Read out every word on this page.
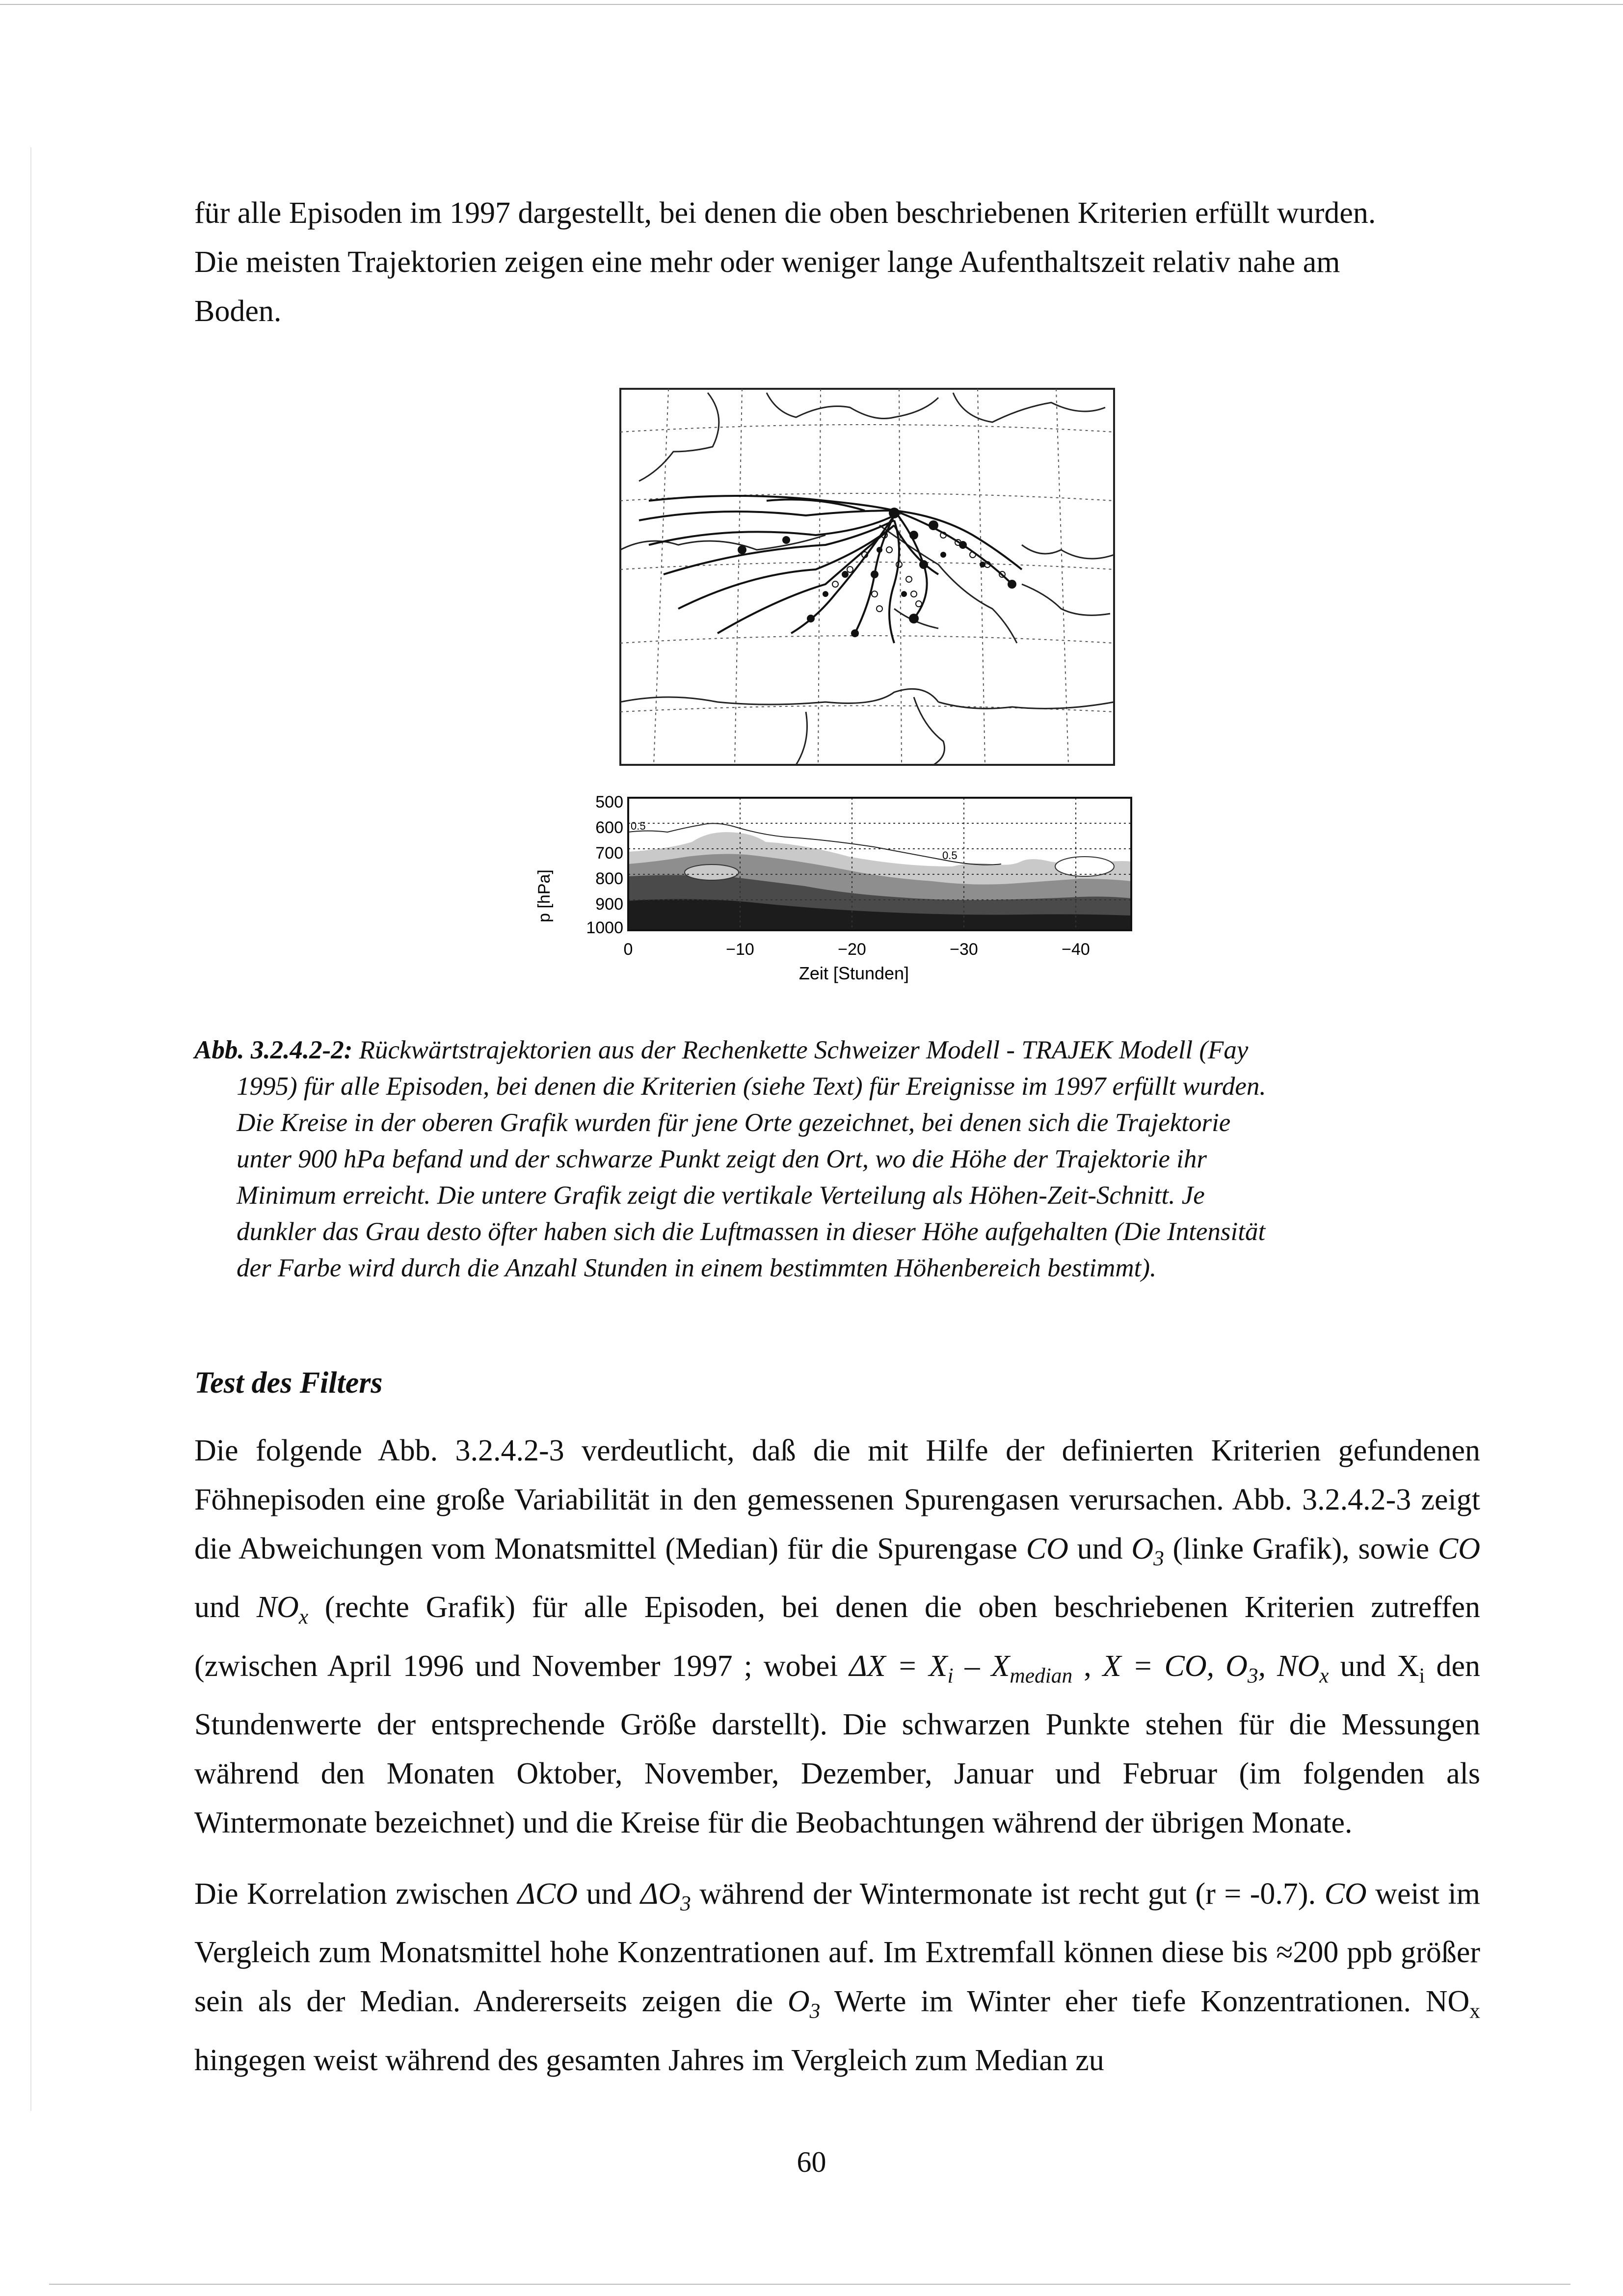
für alle Episoden im 1997 dargestellt, bei denen die oben beschriebenen Kriterien erfüllt wurden.
Die meisten Trajektorien zeigen eine mehr oder weniger lange Aufenthaltszeit relativ nahe am
Boden.

p [hPa]
500
600
700
800
900
1000
0.5
0.5
0	−10	−20	−30	−40
Zeit [Stunden]

Abb. 3.2.4.2-2: Rückwärtstrajektorien aus der Rechenkette Schweizer Modell - TRAJEK Modell (Fay
1995) für alle Episoden, bei denen die Kriterien (siehe Text) für Ereignisse im 1997 erfüllt wurden.
Die Kreise in der oberen Grafik wurden für jene Orte gezeichnet, bei denen sich die Trajektorie
unter 900 hPa befand und der schwarze Punkt zeigt den Ort, wo die Höhe der Trajektorie ihr
Minimum erreicht. Die untere Grafik zeigt die vertikale Verteilung als Höhen-Zeit-Schnitt. Je
dunkler das Grau desto öfter haben sich die Luftmassen in dieser Höhe aufgehalten (Die Intensität
der Farbe wird durch die Anzahl Stunden in einem bestimmten Höhenbereich bestimmt).

Test des Filters

Die folgende Abb. 3.2.4.2-3 verdeutlicht, daß die mit Hilfe der definierten Kriterien gefundenen Föhnepisoden eine große Variabilität in den gemessenen Spurengasen verursachen. Abb. 3.2.4.2-3 zeigt die Abweichungen vom Monatsmittel (Median) für die Spurengase CO und $O_3$ (linke Grafik), sowie CO und $NO_x$ (rechte Grafik) für alle Episoden, bei denen die oben beschriebenen Kriterien zutreffen (zwischen April 1996 und November 1997 ; wobei $\Delta X = X_i - X_{median}$ , X = CO, $O_3$, $NO_x$ und $X_i$ den Stundenwerte der entsprechende Größe darstellt). Die schwarzen Punkte stehen für die Messungen während den Monaten Oktober, November, Dezember, Januar und Februar (im folgenden als Wintermonate bezeichnet) und die Kreise für die Beobachtungen während der übrigen Monate.

Die Korrelation zwischen ΔCO und $\Delta O_3$ während der Wintermonate ist recht gut (r = -0.7). CO weist im Vergleich zum Monatsmittel hohe Konzentrationen auf. Im Extremfall können diese bis ≈200 ppb größer sein als der Median. Andererseits zeigen die $O_3$ Werte im Winter eher tiefe Konzentrationen. $NO_x$ hingegen weist während des gesamten Jahres im Vergleich zum Median zu

60
